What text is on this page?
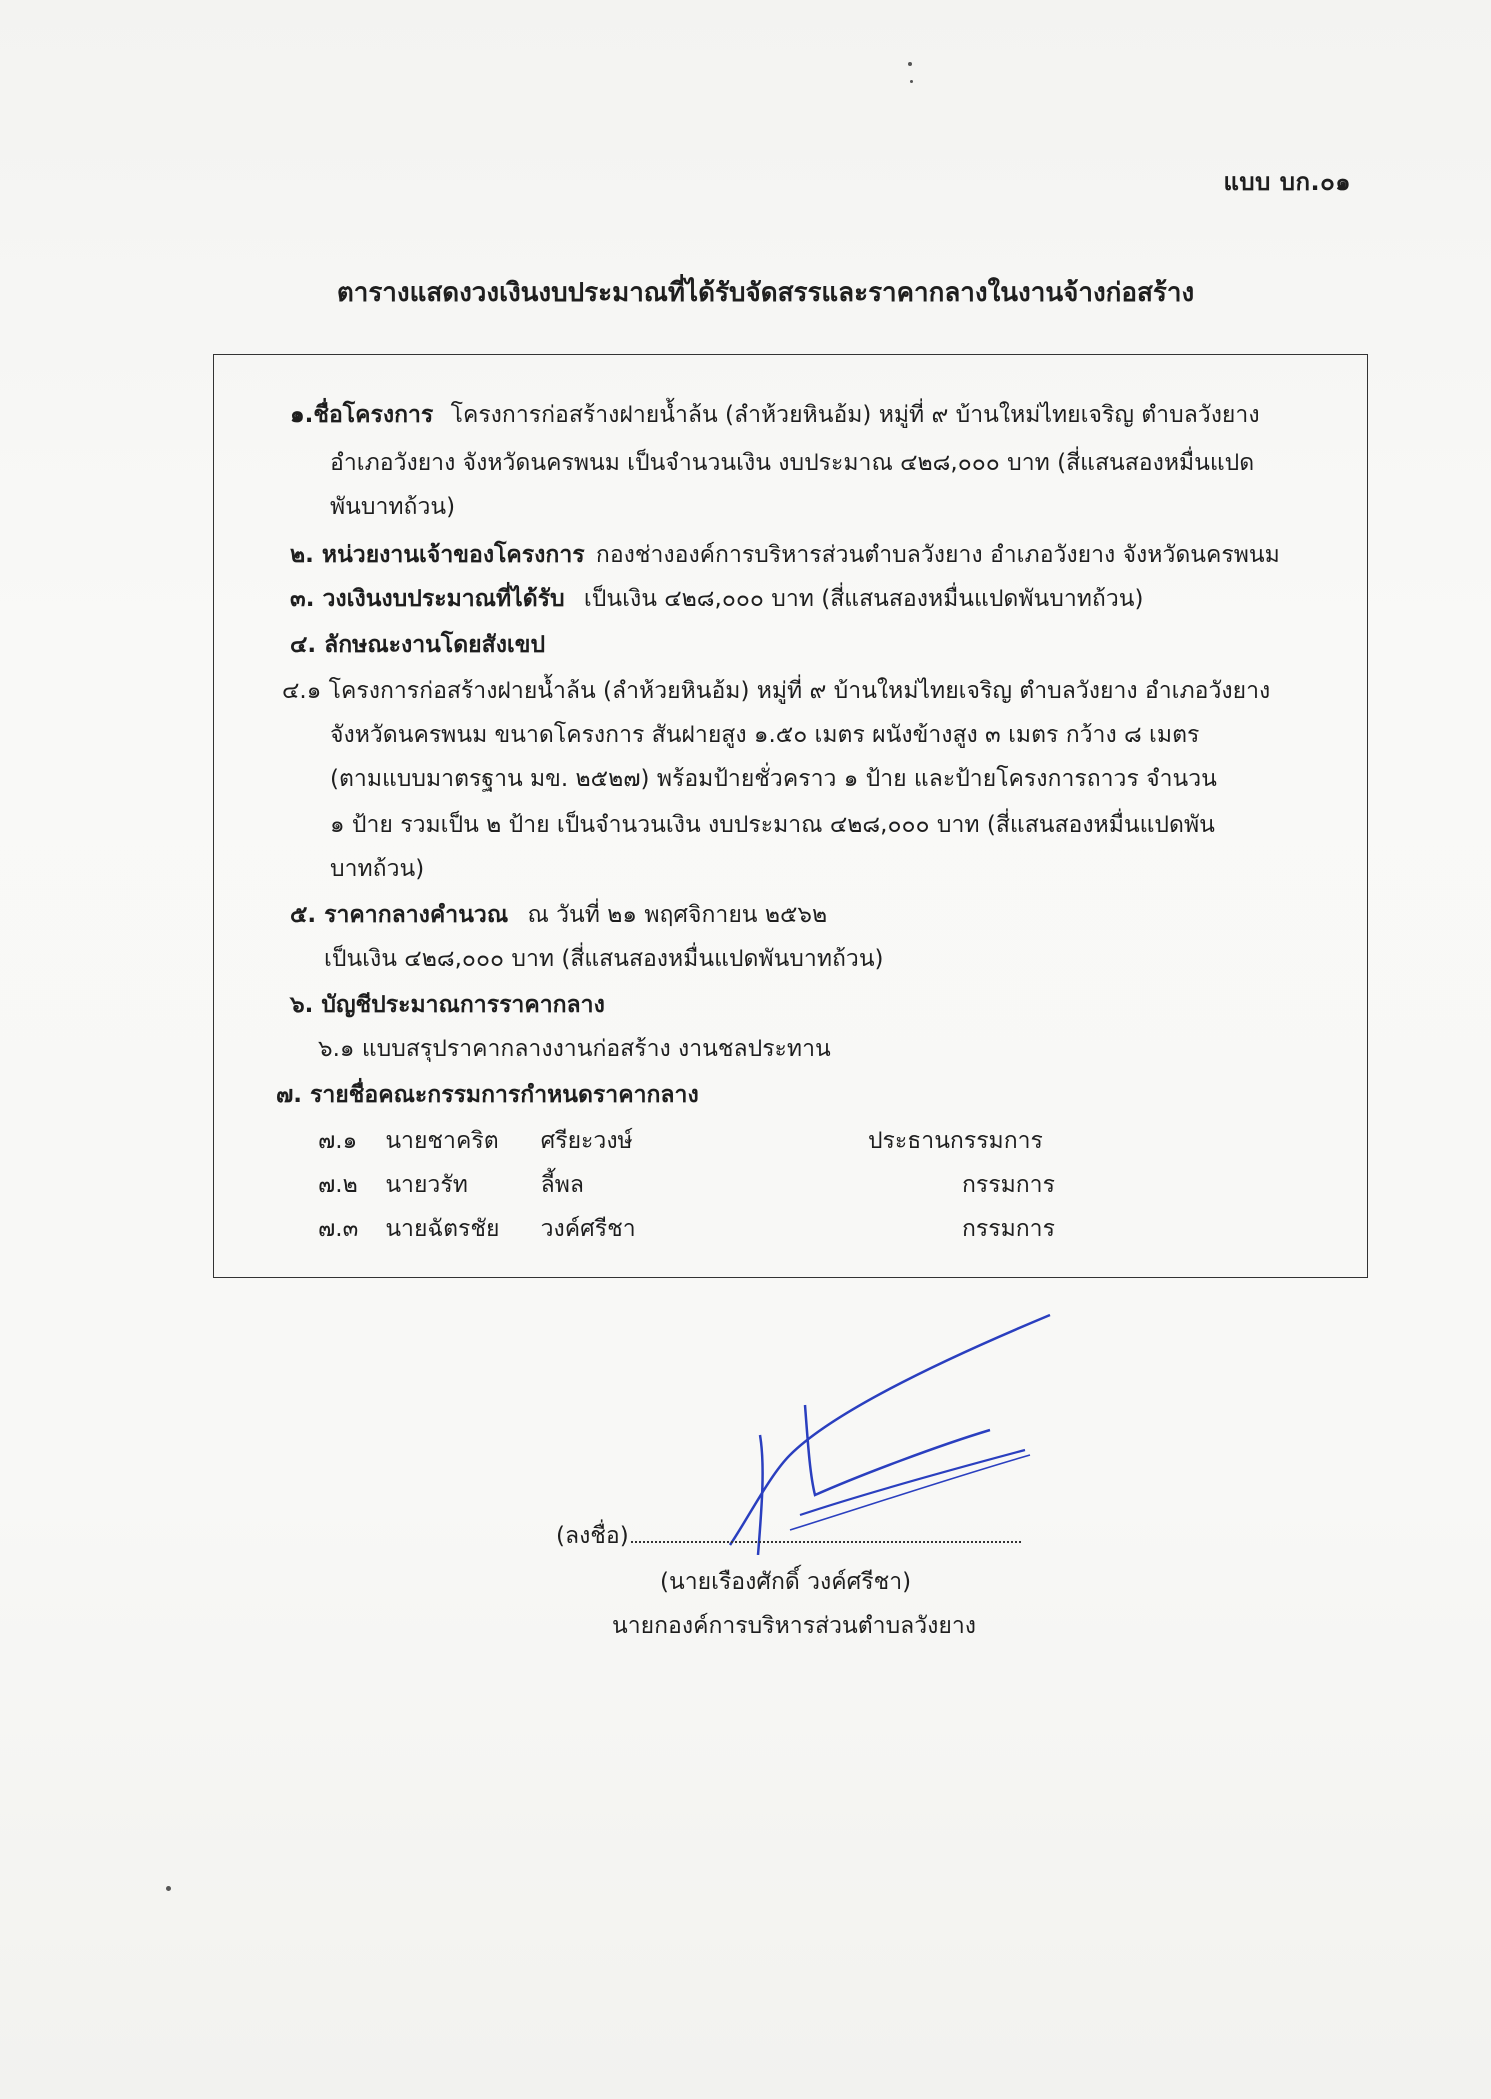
แบบ บก.๐๑
ตารางแสดงวงเงินงบประมาณที่ได้รับจัดสรรและราคากลางในงานจ้างก่อสร้าง
๑.ชื่อโครงการ โครงการก่อสร้างฝายน้ำล้น (ลำห้วยหินอ้ม) หมู่ที่ ๙ บ้านใหม่ไทยเจริญ ตำบลวังยาง
อำเภอวังยาง จังหวัดนครพนม เป็นจำนวนเงิน งบประมาณ ๔๒๘,๐๐๐ บาท (สี่แสนสองหมื่นแปด
พันบาทถ้วน)
๒. หน่วยงานเจ้าของโครงการ กองช่างองค์การบริหารส่วนตำบลวังยาง อำเภอวังยาง จังหวัดนครพนม
๓. วงเงินงบประมาณที่ได้รับ เป็นเงิน ๔๒๘,๐๐๐ บาท (สี่แสนสองหมื่นแปดพันบาทถ้วน)
๔. ลักษณะงานโดยสังเขป
๔.๑ โครงการก่อสร้างฝายน้ำล้น (ลำห้วยหินอ้ม) หมู่ที่ ๙ บ้านใหม่ไทยเจริญ ตำบลวังยาง อำเภอวังยาง
จังหวัดนครพนม ขนาดโครงการ สันฝายสูง ๑.๕๐ เมตร ผนังข้างสูง ๓ เมตร กว้าง ๘ เมตร
(ตามแบบมาตรฐาน มข. ๒๕๒๗) พร้อมป้ายชั่วคราว ๑ ป้าย และป้ายโครงการถาวร จำนวน
๑ ป้าย รวมเป็น ๒ ป้าย เป็นจำนวนเงิน งบประมาณ ๔๒๘,๐๐๐ บาท (สี่แสนสองหมื่นแปดพัน
บาทถ้วน)
๕. ราคากลางคำนวณ ณ วันที่ ๒๑ พฤศจิกายน ๒๕๖๒
เป็นเงิน ๔๒๘,๐๐๐ บาท (สี่แสนสองหมื่นแปดพันบาทถ้วน)
๖. บัญชีประมาณการราคากลาง
๖.๑ แบบสรุปราคากลางงานก่อสร้าง งานชลประทาน
๗. รายชื่อคณะกรรมการกำหนดราคากลาง
๗.๑ นายชาคริต ศรียะวงษ์	ประธานกรรมการ
๗.๒ นายวรัท	ลี้พล	กรรมการ
๗.๓ นายฉัตรชัย วงค์ศรีชา	กรรมการ
(ลงชื่อ)
(นายเรืองศักดิ์ วงค์ศรีชา)
นายกองค์การบริหารส่วนตำบลวังยาง
